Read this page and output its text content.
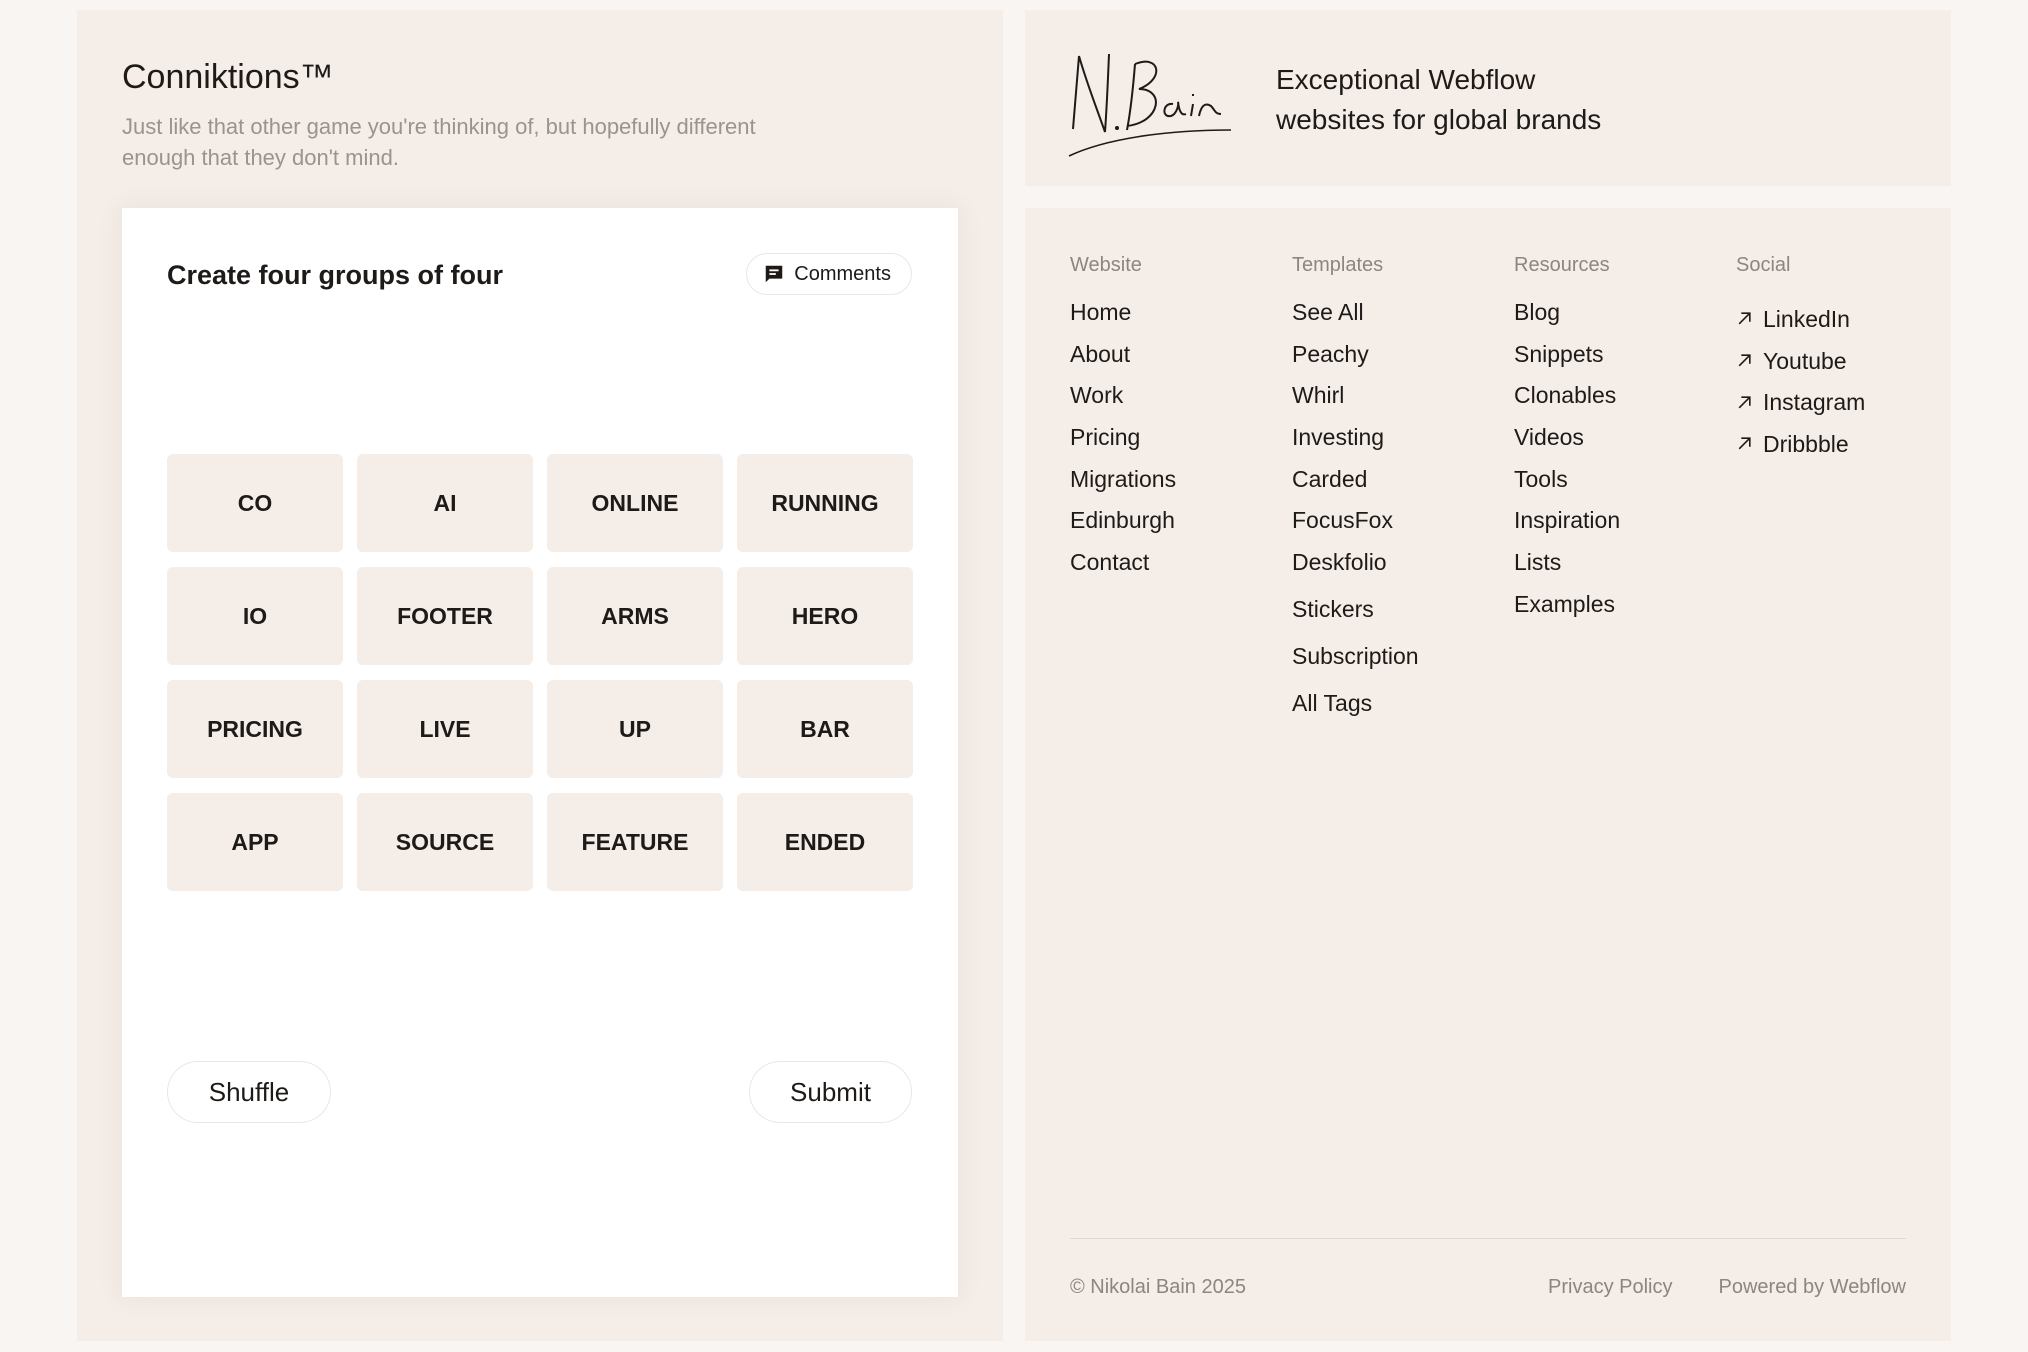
Conniktions™

Just like that other game you're thinking of, but hopefully different enough that they don't mind.

Create four groups of four	Comments
CO	AI	ONLINE	RUNNING
IO	FOOTER	ARMS	HERO
PRICING	LIVE	UP	BAR
APP	SOURCE	FEATURE	ENDED
Shuffle	Submit
Exceptional Webflow
websites for global brands
Website
Home
About
Work
Pricing
Migrations
Edinburgh
Contact
Templates
See All
Peachy
Whirl
Investing
Carded
FocusFox
Deskfolio
Stickers
Subscription
All Tags
Resources
Blog
Snippets
Clonables
Videos
Tools
Inspiration
Lists
Examples
Social
LinkedIn
Youtube
Instagram
Dribbble
© Nikolai Bain 2025	Privacy Policy Powered by Webflow
